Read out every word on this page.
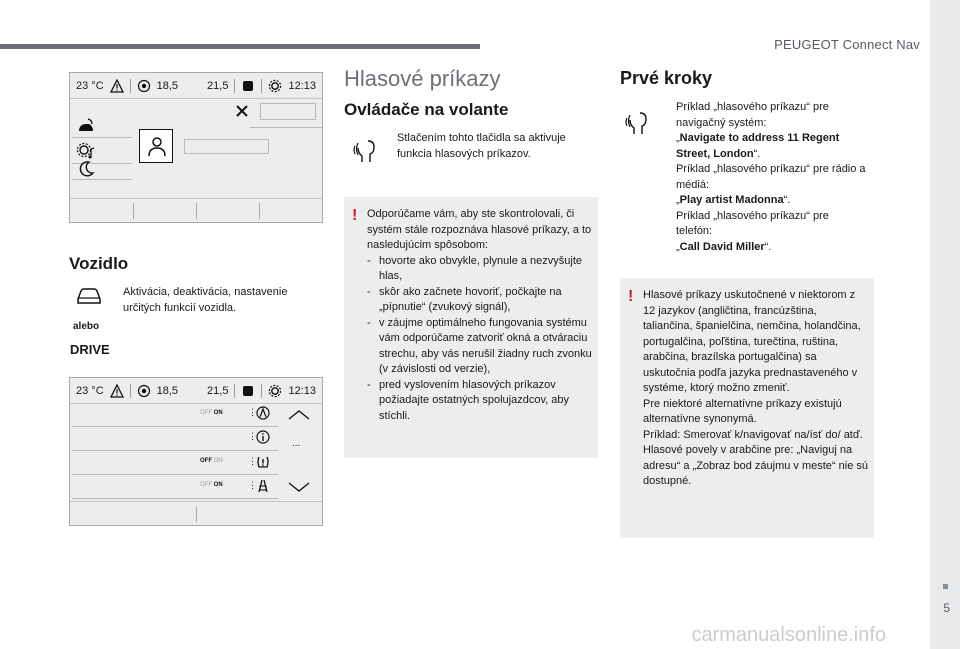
PEUGEOT Connect Nav
5
carmanualsonline.info
23 °C	18,5	21,5	12:13
Vozidlo
Aktivácia, deaktivácia, nastavenie určitých funkcií vozidla.
alebo
DRIVE
23 °C	18,5	21,5	12:13
OFF ON	⋮
⋮
...
OFF ON	⋮
OFF ON	⋮
Hlasové príkazy
Ovládače na volante
Stlačením tohto tlačidla sa aktivuje funkcia hlasových príkazov.
! Odporúčame vám, aby ste skontrolovali, či systém stále rozpoznáva hlasové príkazy, a to nasledujúcim spôsobom:
- hovorte ako obvykle, plynule a nezvyšujte hlas,
- skôr ako začnete hovoriť, počkajte na „pípnutie“ (zvukový signál),
- v záujme optimálneho fungovania systému vám odporúčame zatvoriť okná a otváraciu strechu, aby vás nerušil žiadny ruch zvonku (v závislosti od verzie),
- pred vyslovením hlasových príkazov požiadajte ostatných spolujazdcov, aby stíchli.
Prvé kroky
Príklad „hlasového príkazu“ pre navigačný systém:
„Navigate to address 11 Regent Street, London“.
Príklad „hlasového príkazu“ pre rádio a médiá:
„Play artist Madonna“.
Príklad „hlasového príkazu“ pre telefón:
„Call David Miller“.
! Hlasové príkazy uskutočnené v niektorom z 12 jazykov (angličtina, francúzština, taliančina, španielčina, nemčina, holandčina, portugalčina, poľština, turečtina, ruština, arabčina, brazílska portugalčina) sa uskutočnia podľa jazyka prednastaveného v systéme, ktorý možno zmeniť.
Pre niektoré alternatívne príkazy existujú alternatívne synonymá.
Príklad: Smerovať k/navigovať na/ísť do/ atď.
Hlasové povely v arabčine pre: „Naviguj na adresu“ a „Zobraz bod záujmu v meste“ nie sú dostupné.
